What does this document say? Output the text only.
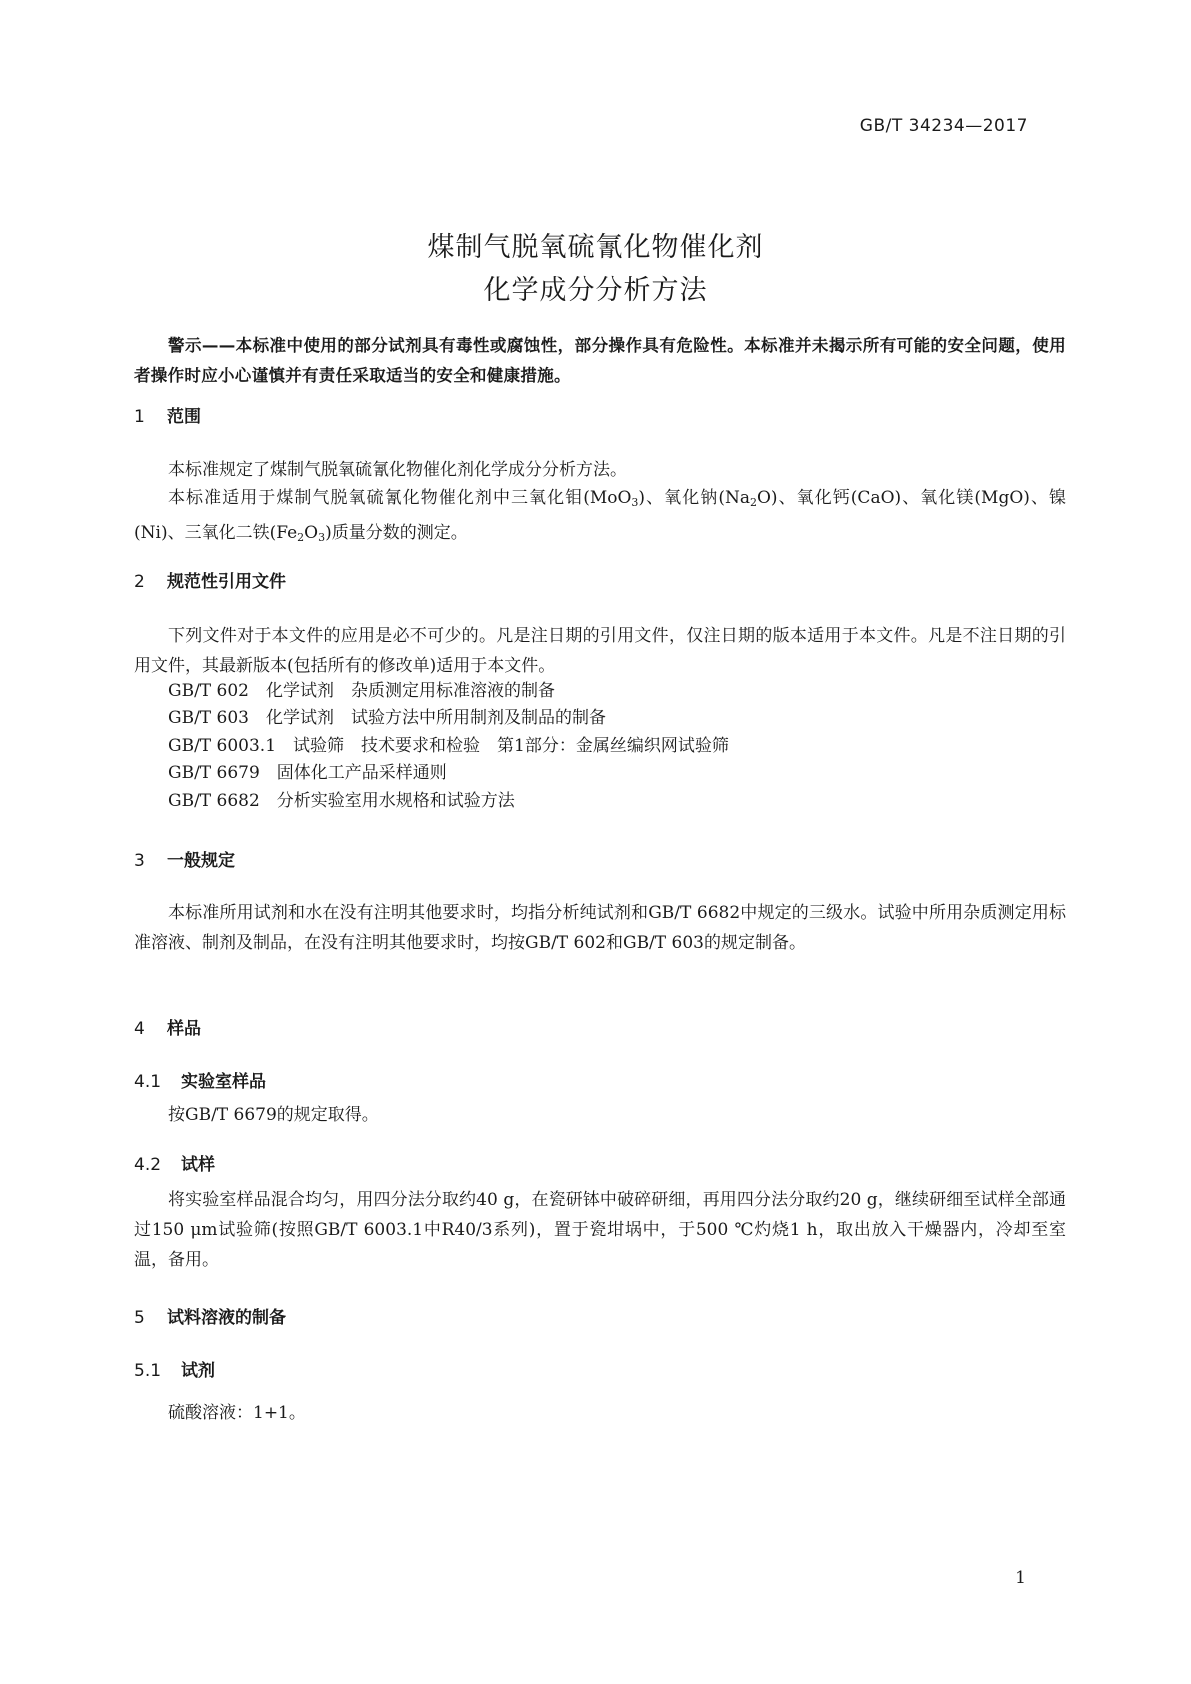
GB/T 34234—2017
煤制气脱氧硫氰化物催化剂
化学成分分析方法

警示——本标准中使用的部分试剂具有毒性或腐蚀性，部分操作具有危险性。本标准并未揭示所有可能的安全问题，使用者操作时应小心谨慎并有责任采取适当的安全和健康措施。

1 范围

本标准规定了煤制气脱氧硫氰化物催化剂化学成分分析方法。

本标准适用于煤制气脱氧硫氰化物催化剂中三氧化钼(MoO$_3$)、氧化钠$(Na_2O)$、氧化钙(CaO)、氧化镁(MgO)、镍(Ni)、三氧化二铁$(Fe_2O_3)$质量分数的测定。

2 规范性引用文件

下列文件对于本文件的应用是必不可少的。凡是注日期的引用文件，仅注日期的版本适用于本文件。凡是不注日期的引用文件，其最新版本(包括所有的修改单)适用于本文件。

GB/T 602　化学试剂　杂质测定用标准溶液的制备
GB/T 603　化学试剂　试验方法中所用制剂及制品的制备
GB/T 6003.1　试验筛　技术要求和检验　第1部分：金属丝编织网试验筛
GB/T 6679　固体化工产品采样通则
GB/T 6682　分析实验室用水规格和试验方法
3 一般规定

本标准所用试剂和水在没有注明其他要求时，均指分析纯试剂和GB/T 6682中规定的三级水。试验中所用杂质测定用标准溶液、制剂及制品，在没有注明其他要求时，均按GB/T 602和GB/T 603的规定制备。

4 样品
4.1 实验室样品

按GB/T 6679的规定取得。

4.2 试样

将实验室样品混合均匀，用四分法分取约40 g，在瓷研钵中破碎研细，再用四分法分取约20 g，继续研细至试样全部通过150 μm试验筛(按照GB/T 6003.1中R40/3系列)，置于瓷坩埚中，于500 ℃灼烧1 h，取出放入干燥器内，冷却至室温，备用。

5 试料溶液的制备
5.1 试剂

硫酸溶液：1+1。

1
